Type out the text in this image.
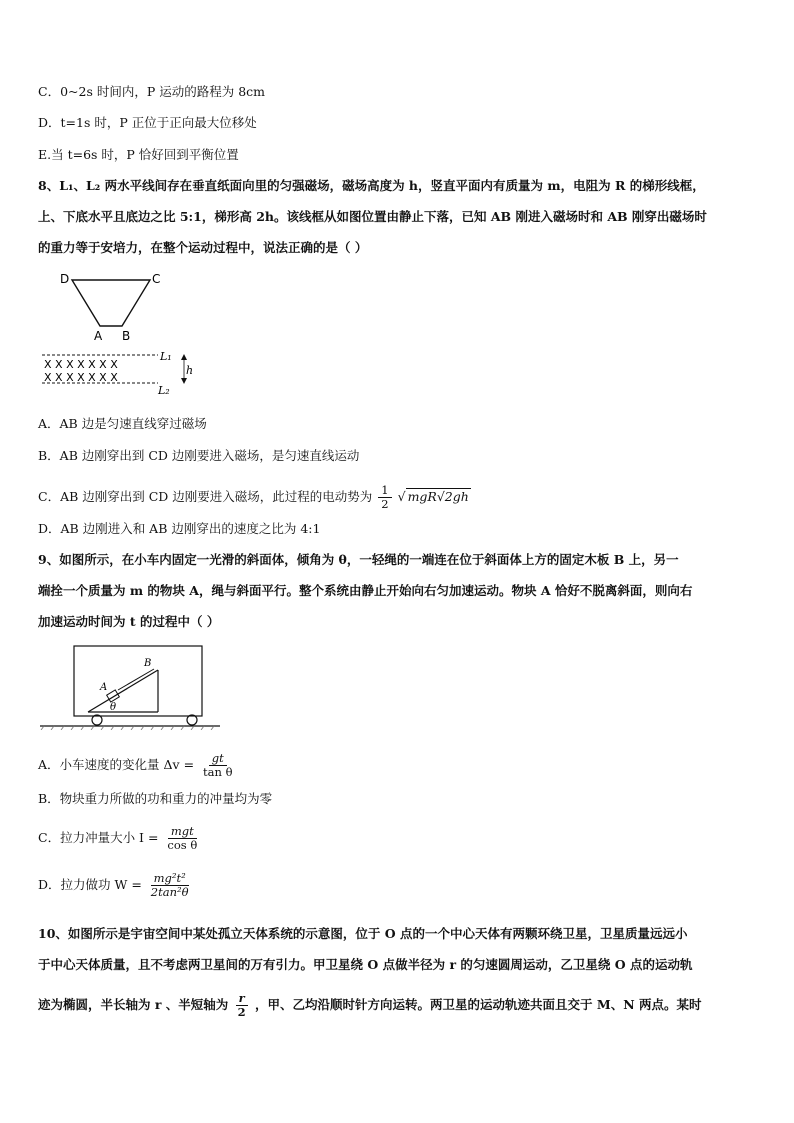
C．0~2s 时间内，P 运动的路程为 8cm
D．t=1s 时，P 正位于正向最大位移处
E.当 t=6s 时，P 恰好回到平衡位置
8、L₁、L₂ 两水平线间存在垂直纸面向里的匀强磁场，磁场高度为 h，竖直平面内有质量为 m，电阻为 R 的梯形线框，
上、下底水平且底边之比 5:1，梯形高 2h。该线框从如图位置由静止下落，已知 AB 刚进入磁场时和 AB 刚穿出磁场时
的重力等于安培力，在整个运动过程中，说法正确的是（ ）
D	C
A B
X X X X X X X
X X X X X X X
L₁
L₂
h
A．AB 边是匀速直线穿过磁场
B．AB 边刚穿出到 CD 边刚要进入磁场，是匀速直线运动
C．AB 边刚穿出到 CD 边刚要进入磁场，此过程的电动势为 $\frac{1}{2}$ √ mgR√2gh
D．AB 边刚进入和 AB 边刚穿出的速度之比为 4:1
9、如图所示，在小车内固定一光滑的斜面体，倾角为 θ，一轻绳的一端连在位于斜面体上方的固定木板 B 上，另一
端拴一个质量为 m 的物块 A，绳与斜面平行。整个系统由静止开始向右匀加速运动。物块 A 恰好不脱离斜面，则向右
加速运动时间为 t 的过程中（ ）
A
B
θ
A．小车速度的变化量 $\Delta v = \frac{gt}{\text{tan θ}}$
B．物块重力所做的功和重力的冲量均为零
C．拉力冲量大小 $I = \frac{\text{mgt}}{\text{cos θ}}$
D．拉力做功 $W = \frac{\text{mg²t²}}{\text{2tan²θ}}$
10、如图所示是宇宙空间中某处孤立天体系统的示意图，位于 O 点的一个中心天体有两颗环绕卫星，卫星质量远远小
于中心天体质量，且不考虑两卫星间的万有引力。甲卫星绕 O 点做半径为 r 的匀速圆周运动，乙卫星绕 O 点的运动轨
迹为椭圆，半长轴为 r 、半短轴为 $\frac{r}{2}$ ，甲、乙均沿顺时针方向运转。两卫星的运动轨迹共面且交于 M、N 两点。某时
